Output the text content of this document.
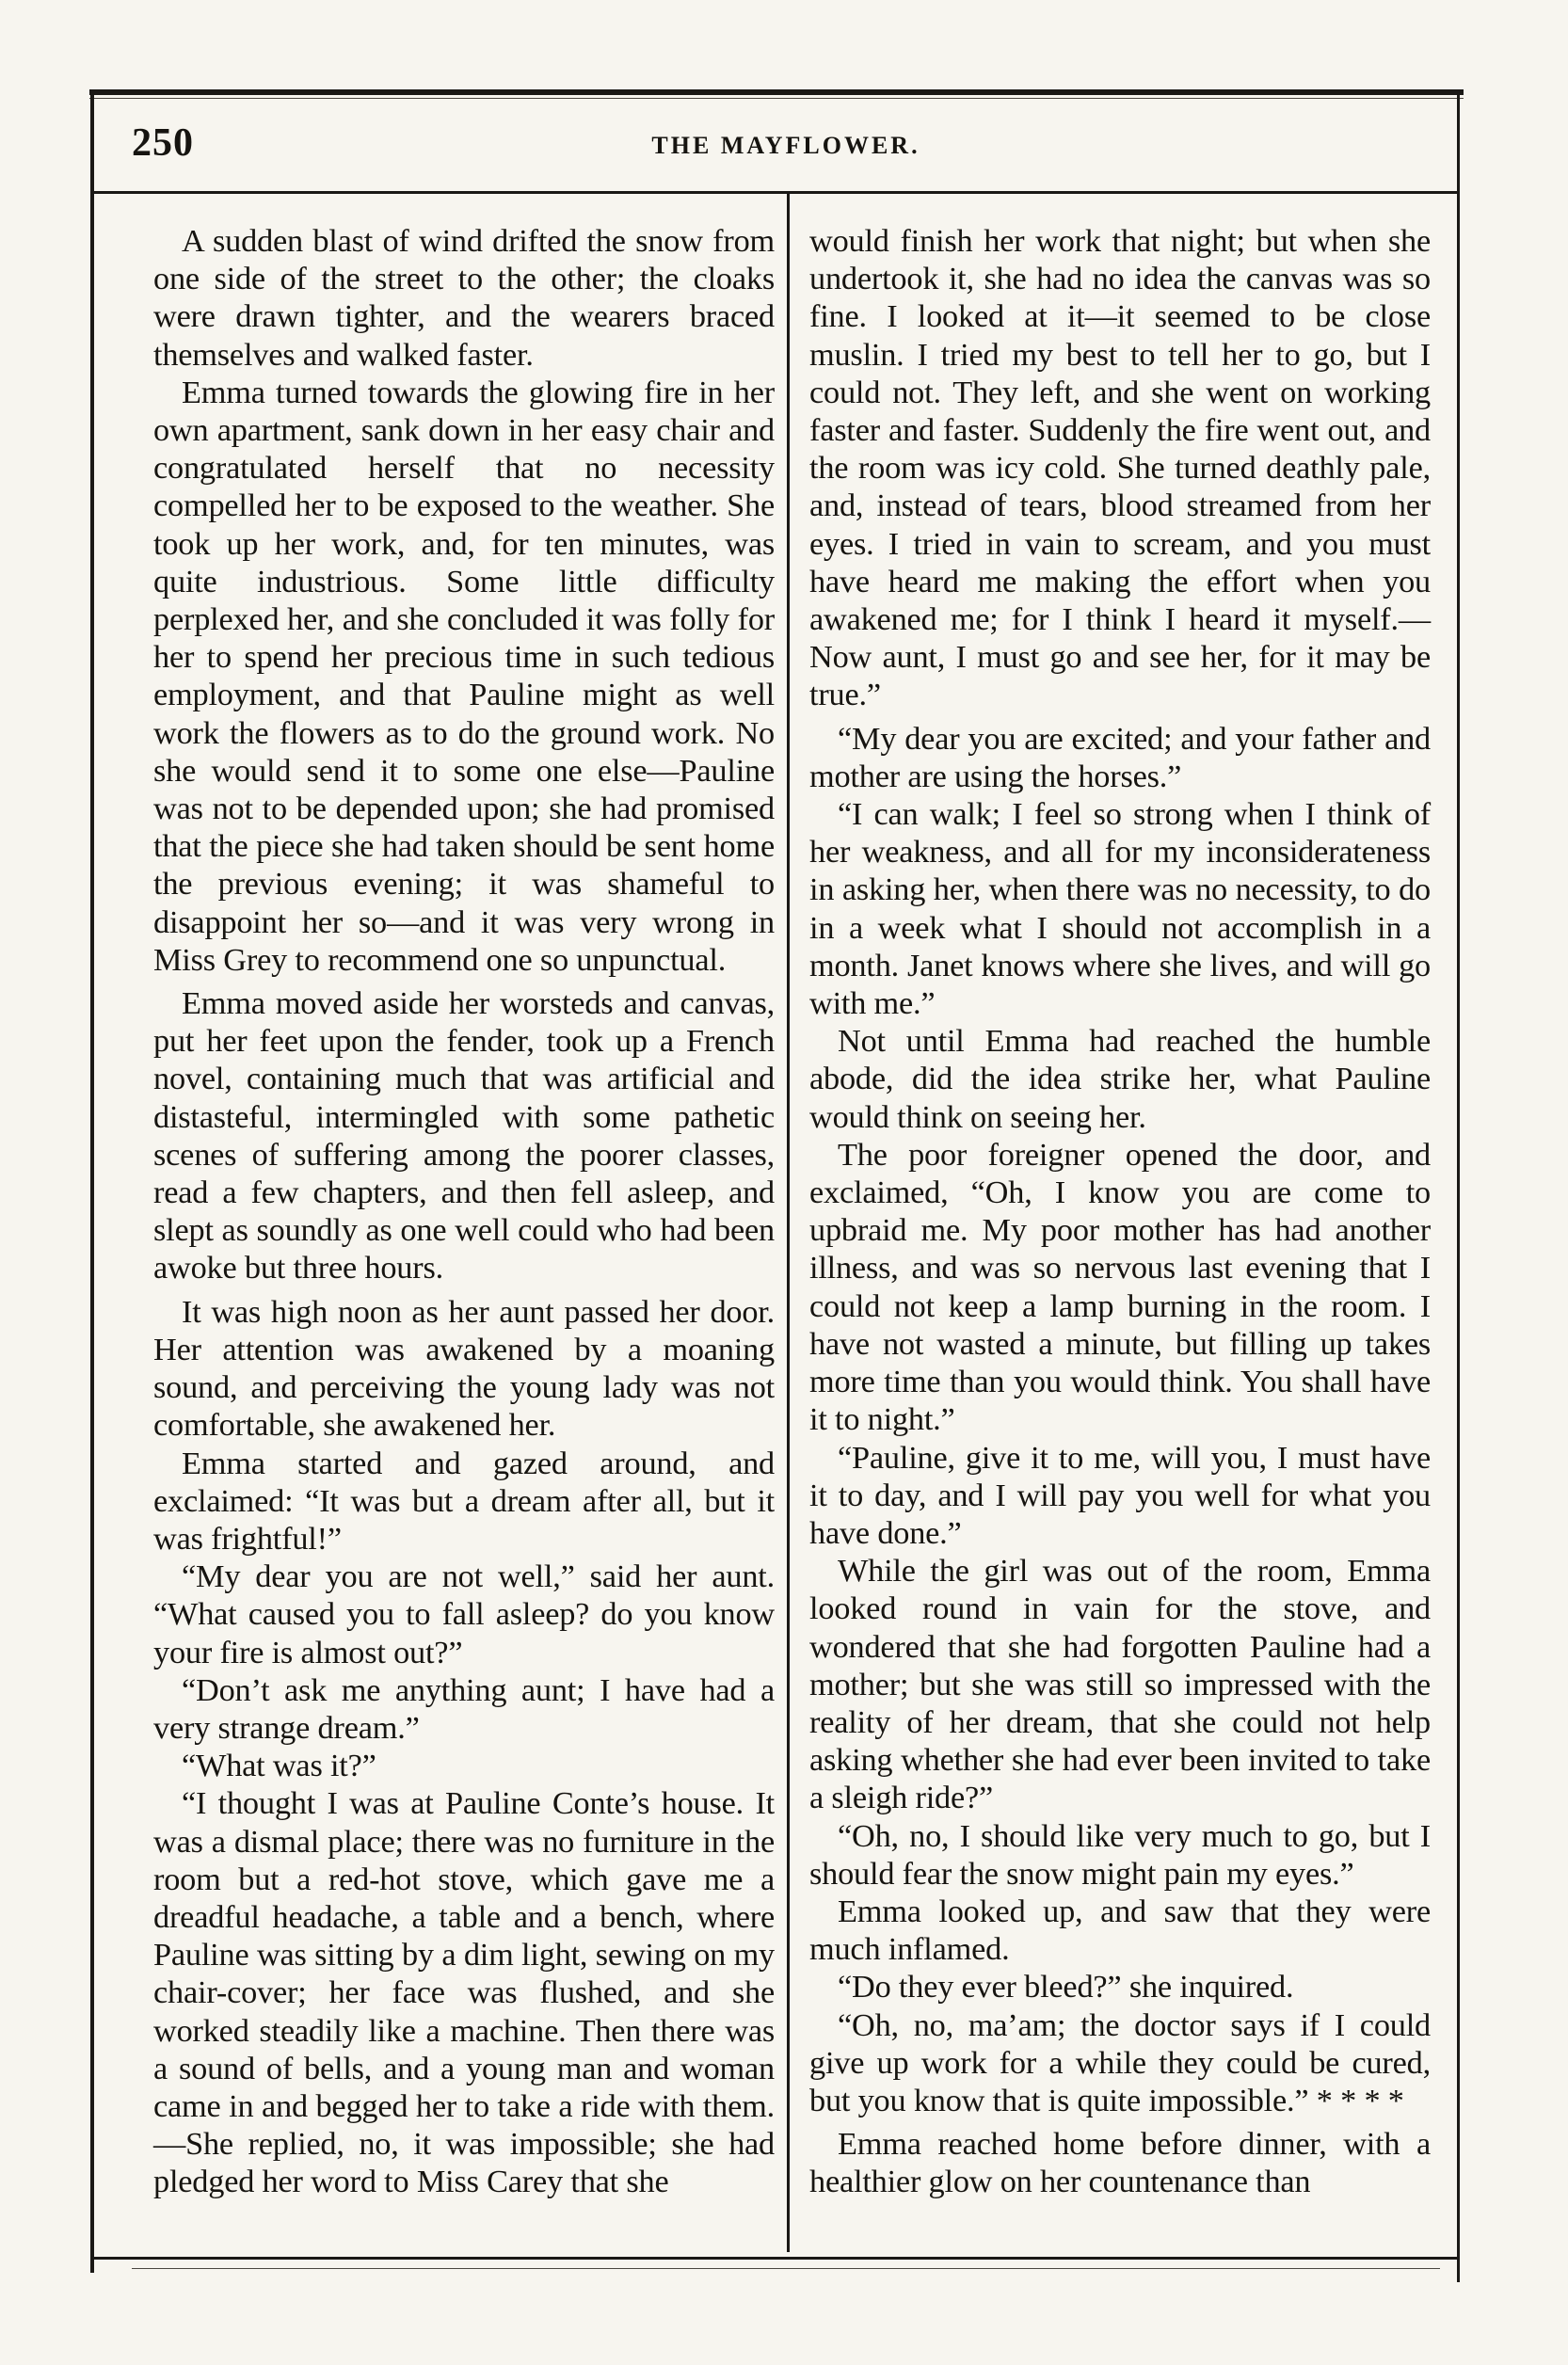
250	THE MAYFLOWER.

A sudden blast of wind drifted the snow from one side of the street to the other; the cloaks were drawn tighter, and the wearers braced themselves and walked faster.

Emma turned towards the glowing fire in her own apartment, sank down in her easy chair and congratulated herself that no necessity compelled her to be exposed to the weather. She took up her work, and, for ten minutes, was quite industrious. Some little difficulty perplexed her, and she concluded it was folly for her to spend her precious time in such tedious employment, and that Pauline might as well work the flowers as to do the ground work. No she would send it to some one else—Pauline was not to be depended upon; she had promised that the piece she had taken should be sent home the previous evening; it was shameful to disappoint her so—and it was very wrong in Miss Grey to recommend one so unpunctual.

Emma moved aside her worsteds and canvas, put her feet upon the fender, took up a French novel, containing much that was artificial and distasteful, intermingled with some pathetic scenes of suffering among the poorer classes, read a few chapters, and then fell asleep, and slept as soundly as one well could who had been awoke but three hours.

It was high noon as her aunt passed her door. Her attention was awakened by a moaning sound, and perceiving the young lady was not comfortable, she awakened her.

Emma started and gazed around, and exclaimed: “It was but a dream after all, but it was frightful!”

“My dear you are not well,” said her aunt. “What caused you to fall asleep? do you know your fire is almost out?”

“Don’t ask me anything aunt; I have had a very strange dream.”

“What was it?”

“I thought I was at Pauline Conte’s house. It was a dismal place; there was no furniture in the room but a red-hot stove, which gave me a dreadful headache, a table and a bench, where Pauline was sitting by a dim light, sewing on my chair-cover; her face was flushed, and she worked steadily like a machine. Then there was a sound of bells, and a young man and woman came in and begged her to take a ride with them.—She replied, no, it was impossible; she had pledged her word to Miss Carey that she

would finish her work that night; but when she undertook it, she had no idea the canvas was so fine. I looked at it—it seemed to be close muslin. I tried my best to tell her to go, but I could not. They left, and she went on working faster and faster. Suddenly the fire went out, and the room was icy cold. She turned deathly pale, and, instead of tears, blood streamed from her eyes. I tried in vain to scream, and you must have heard me making the effort when you awakened me; for I think I heard it myself.—Now aunt, I must go and see her, for it may be true.”

“My dear you are excited; and your father and mother are using the horses.”

“I can walk; I feel so strong when I think of her weakness, and all for my inconsiderateness in asking her, when there was no necessity, to do in a week what I should not accomplish in a month. Janet knows where she lives, and will go with me.”

Not until Emma had reached the humble abode, did the idea strike her, what Pauline would think on seeing her.

The poor foreigner opened the door, and exclaimed, “Oh, I know you are come to upbraid me. My poor mother has had another illness, and was so nervous last evening that I could not keep a lamp burning in the room. I have not wasted a minute, but filling up takes more time than you would think. You shall have it to night.”

“Pauline, give it to me, will you, I must have it to day, and I will pay you well for what you have done.”

While the girl was out of the room, Emma looked round in vain for the stove, and wondered that she had forgotten Pauline had a mother; but she was still so impressed with the reality of her dream, that she could not help asking whether she had ever been invited to take a sleigh ride?”

“Oh, no, I should like very much to go, but I should fear the snow might pain my eyes.”

Emma looked up, and saw that they were much inflamed.

“Do they ever bleed?” she inquired.

“Oh, no, ma’am; the doctor says if I could give up work for a while they could be cured, but you know that is quite impossible.” * * * *

Emma reached home before dinner, with a healthier glow on her countenance than
